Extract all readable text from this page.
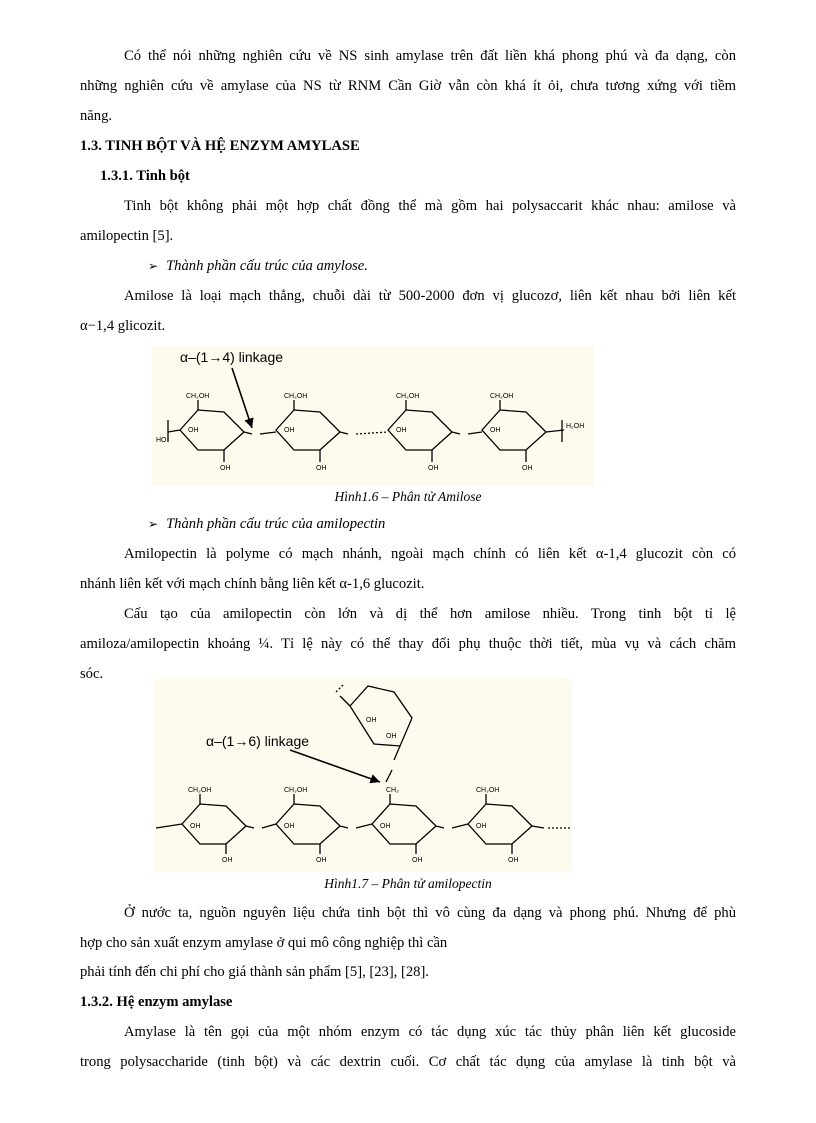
Có thể nói những nghiên cứu về NS sinh amylase trên đất liền khá phong phú và đa dạng, còn
những nghiên cứu về amylase của NS từ RNM Cần Giờ vẫn còn khá ít ỏi, chưa tương xứng với tiềm
năng.
1.3. TINH BỘT VÀ HỆ ENZYM AMYLASE
1.3.1. Tinh bột
Tinh bột không phải một hợp chất đồng thể mà gồm hai polysaccarit khác nhau: amilose và
amilopectin [5].
➢ Thành phần cấu trúc của amylose.
Amilose là loại mạch thẳng, chuỗi dài từ 500-2000 đơn vị glucozơ, liên kết nhau bởi liên kết
α−1,4 glicozit.
α–(1→4) linkage
CH₂OH	CH₂OH	CH₂OH	CH₂OH
OH	OH	OH	OH
OH	OH	OH	OH
HO
H₂OH
Hình1.6 – Phân tử Amilose
➢ Thành phần cấu trúc của amilopectin
Amilopectin là polyme có mạch nhánh, ngoài mạch chính có liên kết α-1,4 glucozit còn có
nhánh liên kết với mạch chính bằng liên kết α-1,6 glucozit.
Cấu tạo của amilopectin còn lớn và dị thể hơn amilose nhiều. Trong tinh bột tỉ lệ
amiloza/amilopectin khoảng ¼. Tỉ lệ này có thể thay đổi phụ thuộc thời tiết, mùa vụ và cách chăm
sóc.
α–(1→6) linkage
CH₂OH	CH₂OH	CH₂	CH₂OH
OH	OH	OH	OH
OH	OH	OH	OH
OH
OH
Hình1.7 – Phân tử amilopectin
Ở nước ta, nguồn nguyên liệu chứa tinh bột thì vô cùng đa dạng và phong phú. Nhưng để phù
hợp cho sản xuất enzym amylase ở qui mô công nghiệp thì cần
phải tính đến chi phí cho giá thành sản phẩm [5], [23], [28].
1.3.2. Hệ enzym amylase
Amylase là tên gọi của một nhóm enzym có tác dụng xúc tác thủy phân liên kết glucoside
trong polysaccharide (tinh bột) và các dextrin cuối. Cơ chất tác dụng của amylase là tinh bột và
